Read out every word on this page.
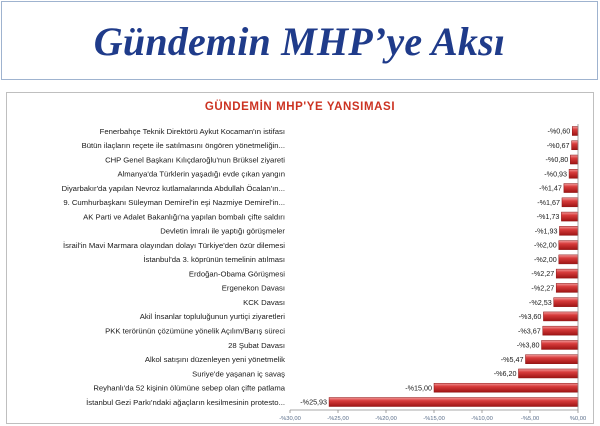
Gündemin MHP’ye Aksı
GÜNDEMİN MHP'YE YANSIMASI
Fenerbahçe Teknik Direktörü Aykut Kocaman'ın istifası	-%0,60
Bütün ilaçların reçete ile satılmasını öngören yönetmeliğin...	-%0,67
CHP Genel Başkanı Kılıçdaroğlu'nun Brüksel ziyareti	-%0,80
Almanya'da Türklerin yaşadığı evde çıkan yangın	-%0,93
Diyarbakır'da yapılan Nevroz kutlamalarında Abdullah Öcalan'ın...	-%1,47
9. Cumhurbaşkanı Süleyman Demirel'in eşi Nazmiye Demirel'in...	-%1,67
AK Parti ve Adalet Bakanlığı'na yapılan bombalı çifte saldırı	-%1,73
Devletin İmralı ile yaptığı görüşmeler	-%1,93
İsrail'in Mavi Marmara olayından dolayı Türkiye'den özür dilemesi	-%2,00
İstanbul'da 3. köprünün temelinin atılması	-%2,00
Erdoğan-Obama Görüşmesi	-%2,27
Ergenekon Davası	-%2,27
KCK Davası	-%2,53
Akil İnsanlar topluluğunun yurtiçi ziyaretleri	-%3,60
PKK terörünün çözümüne yönelik Açılım/Barış süreci	-%3,67
28 Şubat Davası	-%3,80
Alkol satışını düzenleyen yeni yönetmelik	-%5,47
Suriye'de yaşanan iç savaş	-%6,20
Reyhanlı'da 52 kişinin ölümüne sebep olan çifte patlama	-%15,00
İstanbul Gezi Parkı'ndaki ağaçların kesilmesinin protesto... -%25,93
-%30,00	-%25,00	-%20,00	-%15,00	-%10,00	-%5,00	%0,00
